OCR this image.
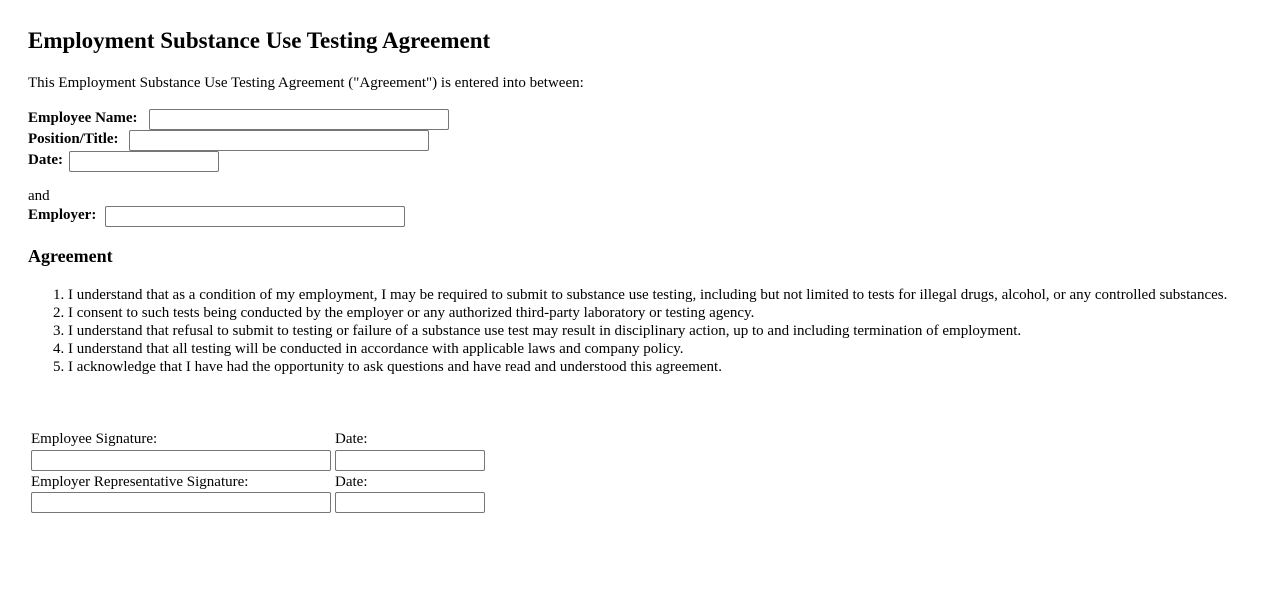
Employment Substance Use Testing Agreement
This Employment Substance Use Testing Agreement ("Agreement") is entered into between:
Employee Name:
Position/Title:
Date:
and
Employer:
Agreement
1. I understand that as a condition of my employment, I may be required to submit to substance use testing, including but not limited to tests for illegal drugs, alcohol, or any controlled substances.
2. I consent to such tests being conducted by the employer or any authorized third-party laboratory or testing agency.
3. I understand that refusal to submit to testing or failure of a substance use test may result in disciplinary action, up to and including termination of employment.
4. I understand that all testing will be conducted in accordance with applicable laws and company policy.
5. I acknowledge that I have had the opportunity to ask questions and have read and understood this agreement.
Employee Signature:	Date:
Employer Representative Signature:	Date:
